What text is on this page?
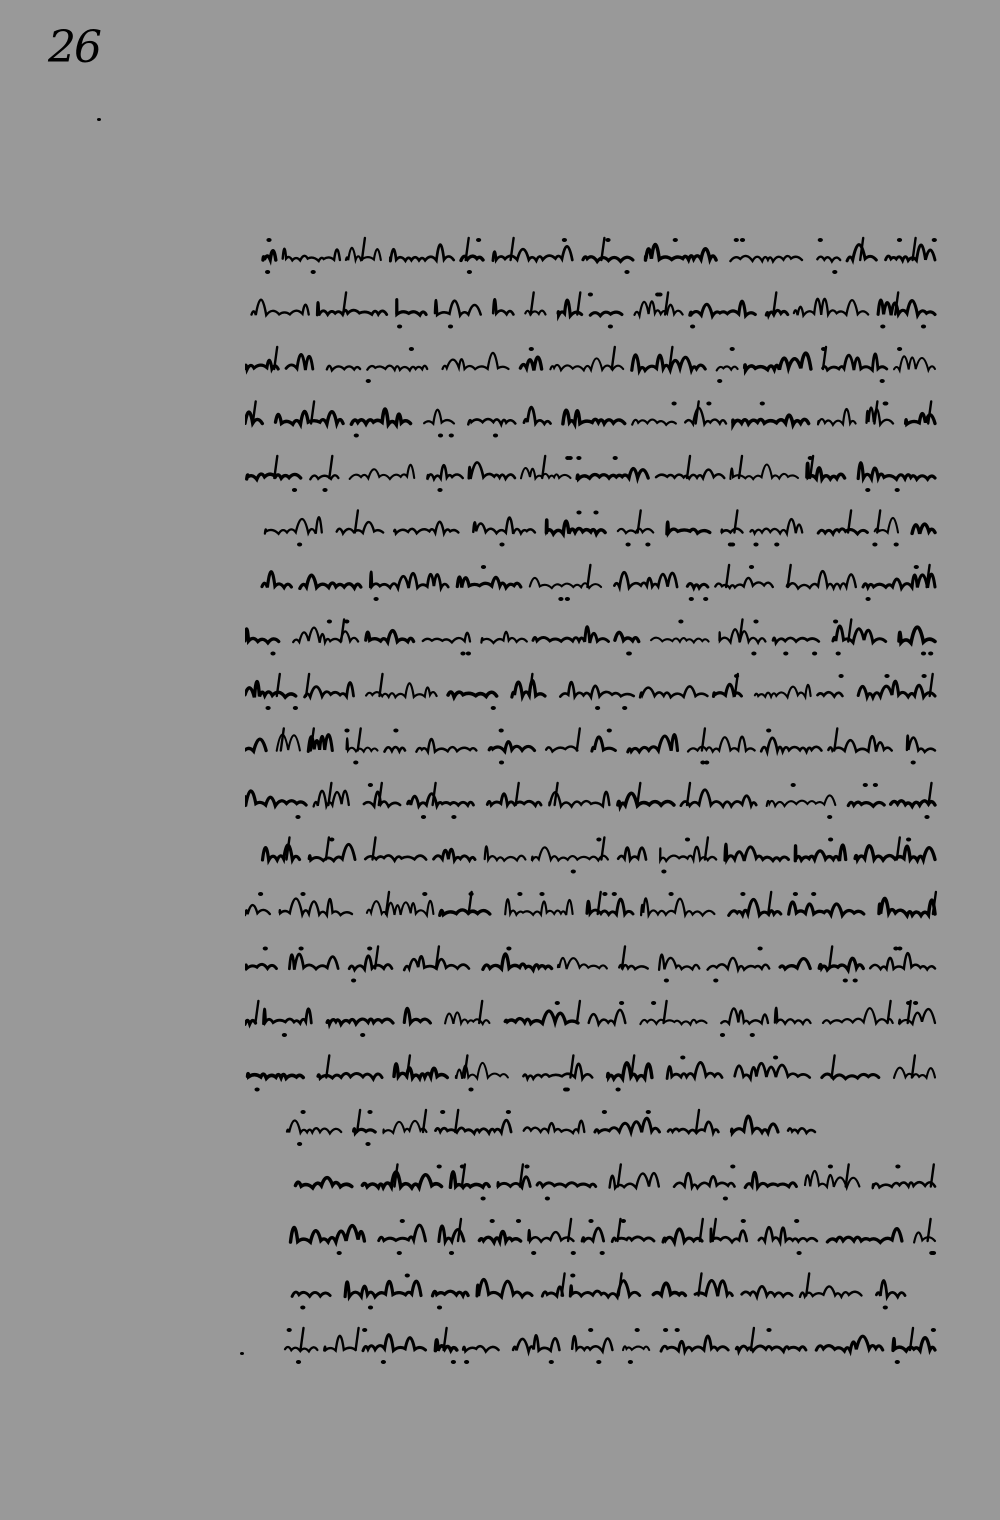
26
